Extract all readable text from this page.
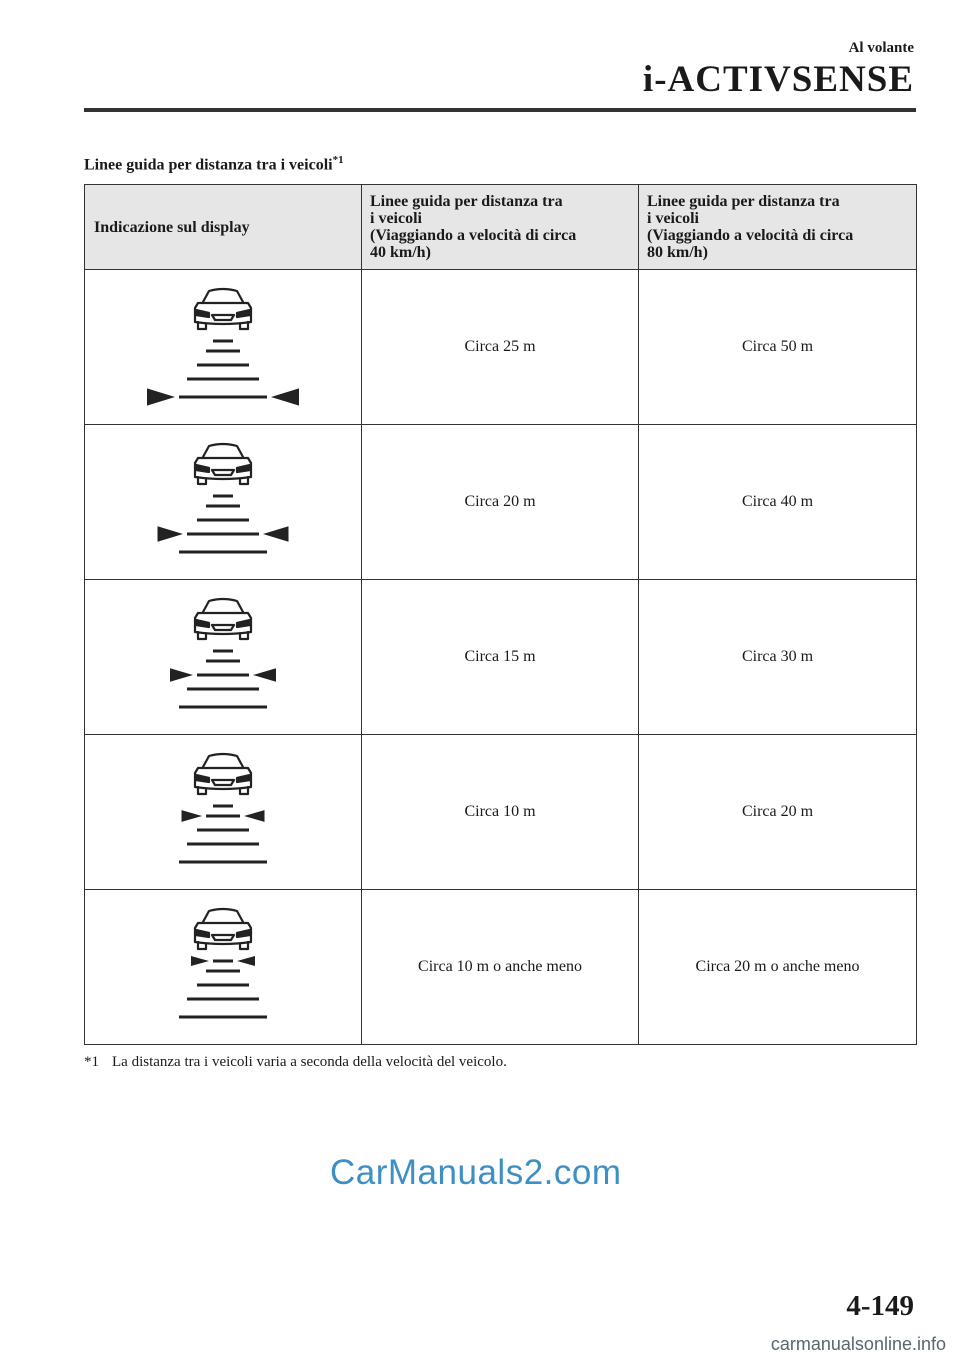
Al volante
i-ACTIVSENSE
Linee guida per distanza tra i veicoli$^{*1}$
Indicazione sul display	Linee guida per distanza tra
i veicoli
(Viaggiando a velocità di circa
40 km/h)	Linee guida per distanza tra
i veicoli
(Viaggiando a velocità di circa
80 km/h)

	Circa 25 m	Circa 50 m

	Circa 20 m	Circa 40 m

	Circa 15 m	Circa 30 m

	Circa 10 m	Circa 20 m

	Circa 10 m o anche meno	Circa 20 m o anche meno
*1 La distanza tra i veicoli varia a seconda della velocità del veicolo.
CarManuals2.com
4-149
carmanualsonline.info
